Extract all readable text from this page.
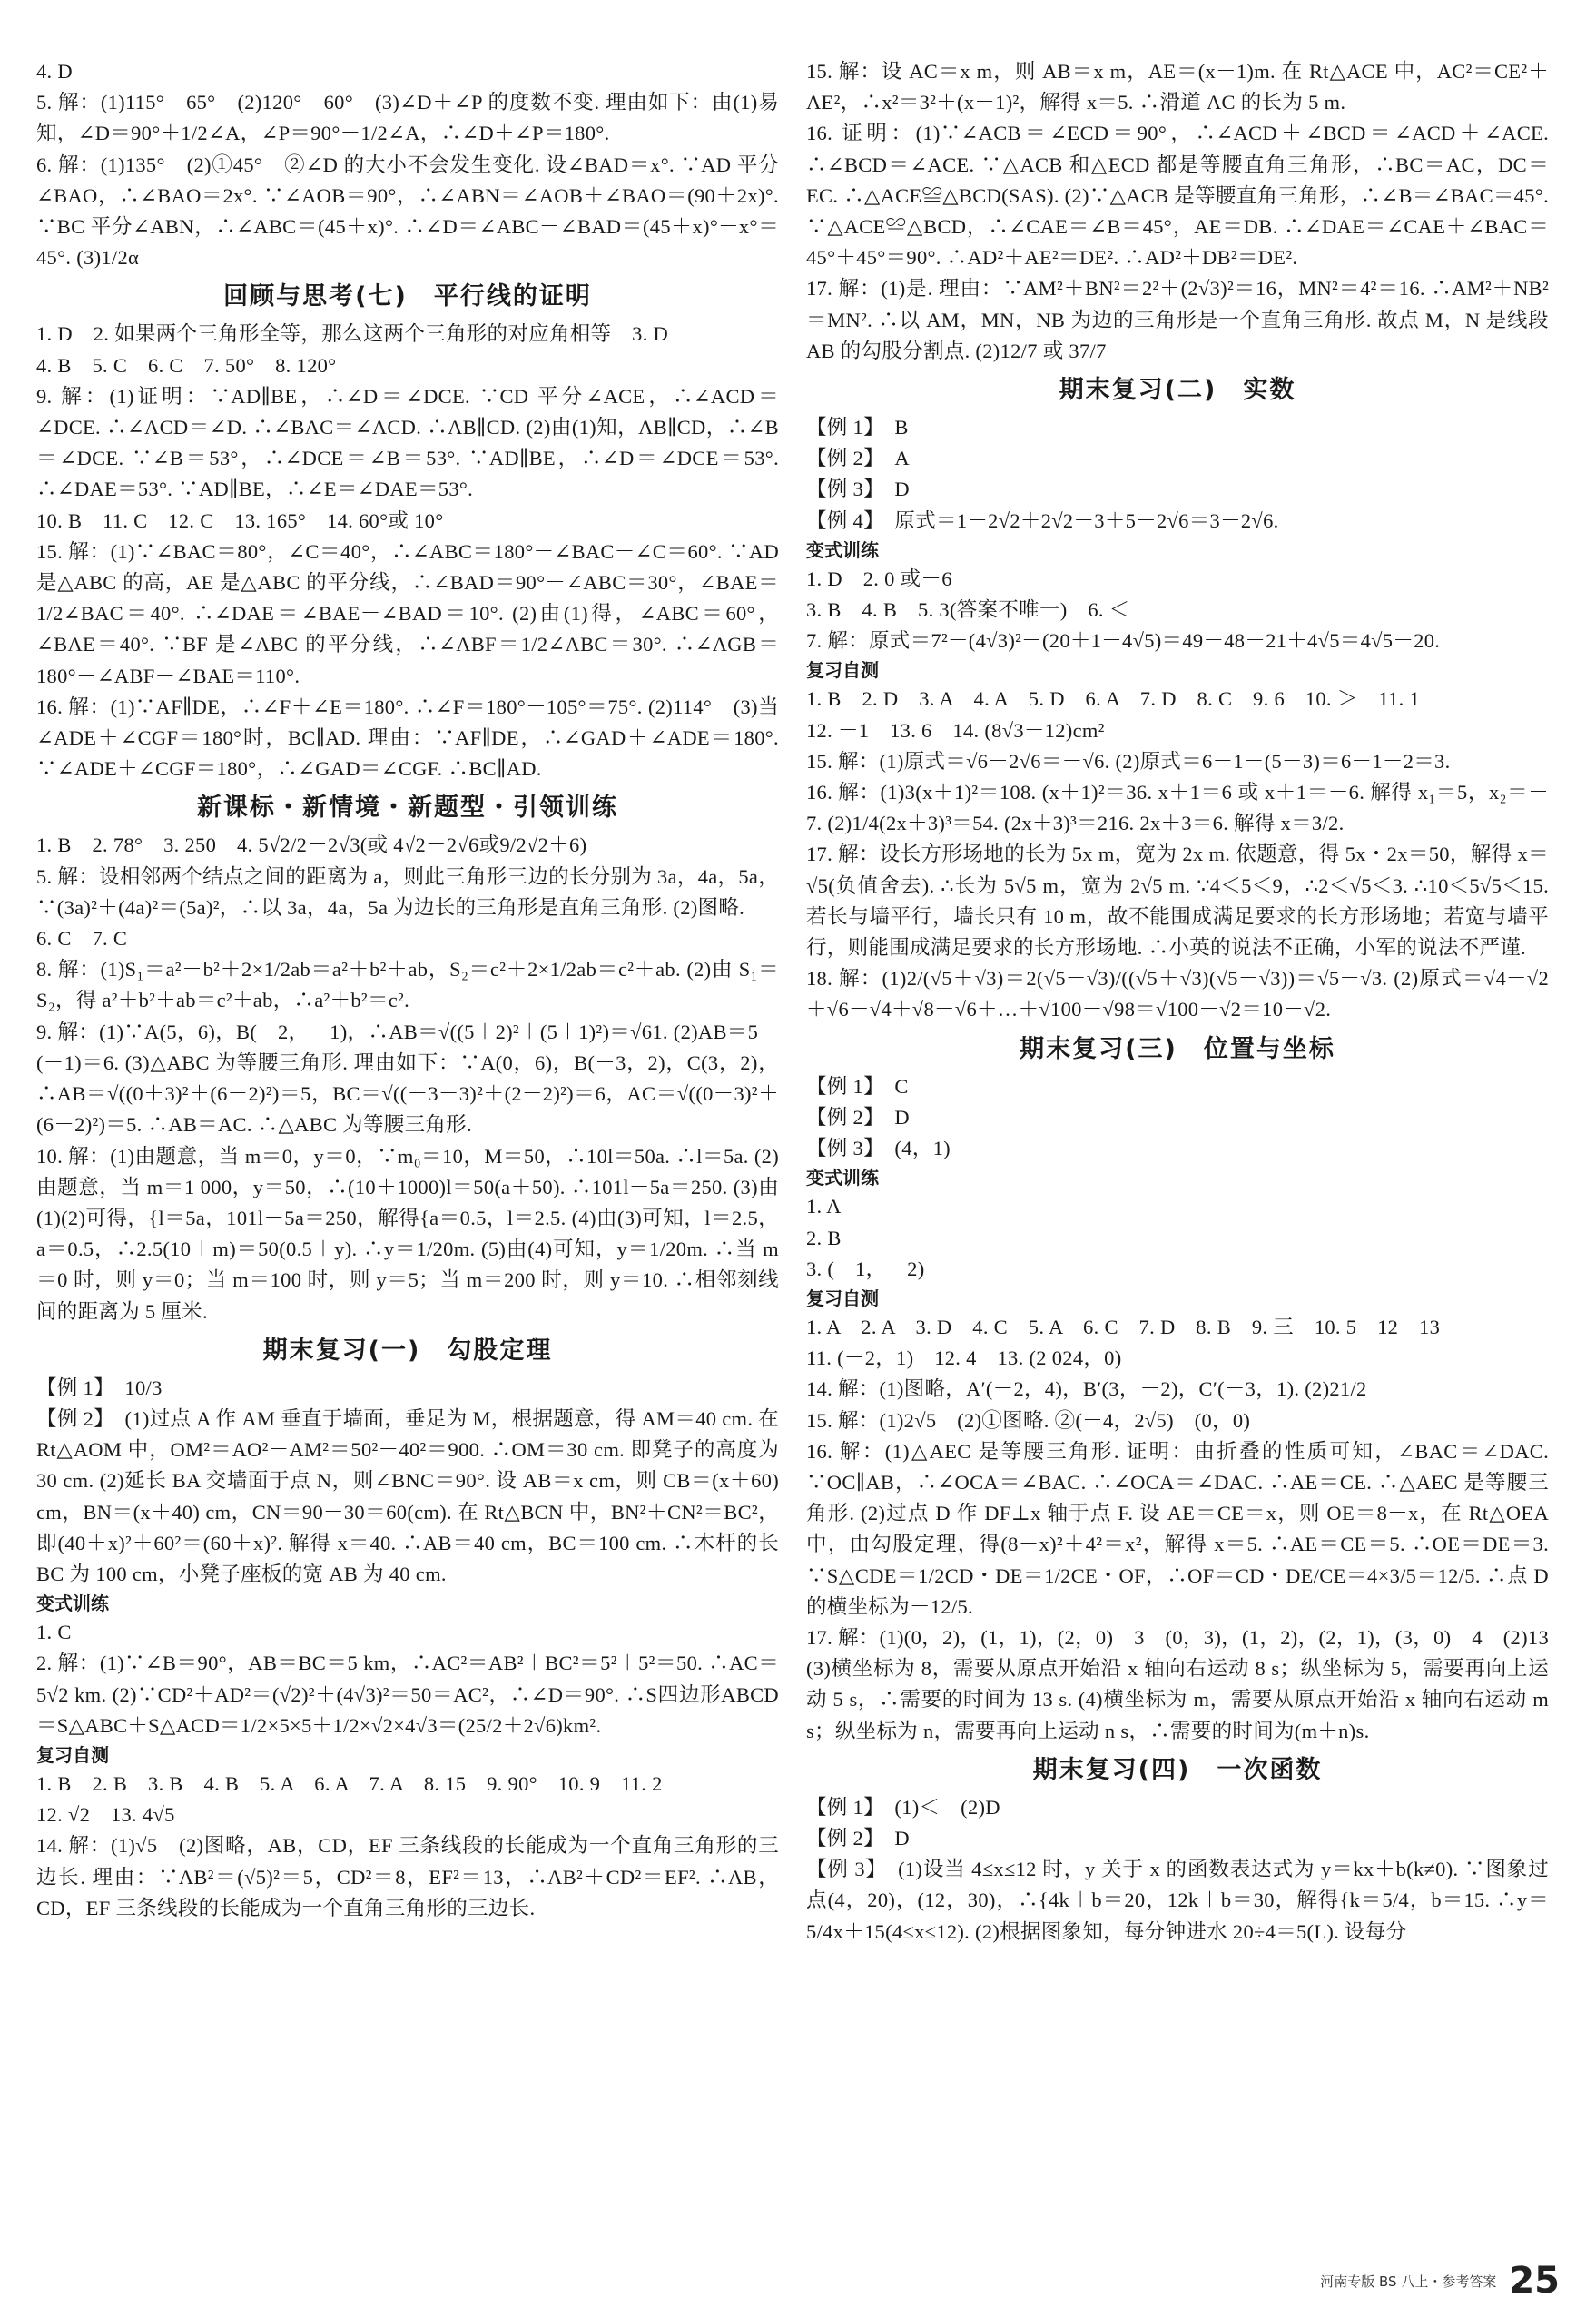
4. D

5. 解：(1)115°　65°　(2)120°　60°　(3)∠D＋∠P 的度数不变. 理由如下：由(1)易知，∠D＝90°＋1/2∠A，∠P＝90°－1/2∠A，∴∠D＋∠P＝180°.

6. 解：(1)135°　(2)①45°　②∠D 的大小不会发生变化. 设∠BAD＝x°. ∵AD 平分∠BAO，∴∠BAO＝2x°. ∵∠AOB＝90°，∴∠ABN＝∠AOB＋∠BAO＝(90＋2x)°. ∵BC 平分∠ABN，∴∠ABC＝(45＋x)°. ∴∠D＝∠ABC－∠BAD＝(45＋x)°－x°＝45°. (3)1/2α

回顾与思考(七)　平行线的证明

1. D　2. 如果两个三角形全等，那么这两个三角形的对应角相等　3. D

4. B　5. C　6. C　7. 50°　8. 120°

9. 解：(1)证明：∵AD∥BE，∴∠D＝∠DCE. ∵CD 平分∠ACE，∴∠ACD＝∠DCE. ∴∠ACD＝∠D. ∴∠BAC＝∠ACD. ∴AB∥CD. (2)由(1)知，AB∥CD，∴∠B＝∠DCE. ∵∠B＝53°，∴∠DCE＝∠B＝53°. ∵AD∥BE，∴∠D＝∠DCE＝53°. ∴∠DAE＝53°. ∵AD∥BE，∴∠E＝∠DAE＝53°.

10. B　11. C　12. C　13. 165°　14. 60°或 10°

15. 解：(1)∵∠BAC＝80°，∠C＝40°，∴∠ABC＝180°－∠BAC－∠C＝60°. ∵AD 是△ABC 的高，AE 是△ABC 的平分线，∴∠BAD＝90°－∠ABC＝30°，∠BAE＝1/2∠BAC＝40°. ∴∠DAE＝∠BAE－∠BAD＝10°. (2)由(1)得，∠ABC＝60°，∠BAE＝40°. ∵BF 是∠ABC 的平分线，∴∠ABF＝1/2∠ABC＝30°. ∴∠AGB＝180°－∠ABF－∠BAE＝110°.

16. 解：(1)∵AF∥DE，∴∠F＋∠E＝180°. ∴∠F＝180°－105°＝75°. (2)114°　(3)当∠ADE＋∠CGF＝180°时，BC∥AD. 理由：∵AF∥DE，∴∠GAD＋∠ADE＝180°. ∵∠ADE＋∠CGF＝180°，∴∠GAD＝∠CGF. ∴BC∥AD.

新课标・新情境・新题型・引领训练

1. B　2. 78°　3. 250　4. 5√2/2－2√3(或 4√2－2√6或9/2√2＋6)

5. 解：设相邻两个结点之间的距离为 a，则此三角形三边的长分别为 3a，4a，5a，∵(3a)²＋(4a)²＝(5a)²，∴以 3a，4a，5a 为边长的三角形是直角三角形. (2)图略.

6. C　7. C

8. 解：(1)S₁＝a²＋b²＋2×1/2ab＝a²＋b²＋ab，S₂＝c²＋2×1/2ab＝c²＋ab. (2)由 S₁＝S₂，得 a²＋b²＋ab＝c²＋ab，∴a²＋b²＝c².

9. 解：(1)∵A(5，6)，B(－2，－1)，∴AB＝√((5＋2)²＋(5＋1)²)＝√61. (2)AB＝5－(－1)＝6. (3)△ABC 为等腰三角形. 理由如下：∵A(0，6)，B(－3，2)，C(3，2)，∴AB＝√((0＋3)²＋(6－2)²)＝5，BC＝√((－3－3)²＋(2－2)²)＝6，AC＝√((0－3)²＋(6－2)²)＝5. ∴AB＝AC. ∴△ABC 为等腰三角形.

10. 解：(1)由题意，当 m＝0，y＝0，∵m₀＝10，M＝50，∴10l＝50a. ∴l＝5a. (2)由题意，当 m＝1 000，y＝50，∴(10＋1000)l＝50(a＋50). ∴101l－5a＝250. (3)由(1)(2)可得，{l＝5a，101l－5a＝250，解得{a＝0.5，l＝2.5. (4)由(3)可知，l＝2.5，a＝0.5，∴2.5(10＋m)＝50(0.5＋y). ∴y＝1/20m. (5)由(4)可知，y＝1/20m. ∴当 m＝0 时，则 y＝0；当 m＝100 时，则 y＝5；当 m＝200 时，则 y＝10. ∴相邻刻线间的距离为 5 厘米.

期末复习(一)　勾股定理

【例 1】　10/3

【例 2】　(1)过点 A 作 AM 垂直于墙面，垂足为 M，根据题意，得 AM＝40 cm. 在 Rt△AOM 中，OM²＝AO²－AM²＝50²－40²＝900. ∴OM＝30 cm. 即凳子的高度为 30 cm. (2)延长 BA 交墙面于点 N，则∠BNC＝90°. 设 AB＝x cm，则 CB＝(x＋60) cm，BN＝(x＋40) cm，CN＝90－30＝60(cm). 在 Rt△BCN 中，BN²＋CN²＝BC²，即(40＋x)²＋60²＝(60＋x)². 解得 x＝40. ∴AB＝40 cm，BC＝100 cm. ∴木杆的长 BC 为 100 cm，小凳子座板的宽 AB 为 40 cm.

变式训练

1. C

2. 解：(1)∵∠B＝90°，AB＝BC＝5 km，∴AC²＝AB²＋BC²＝5²＋5²＝50. ∴AC＝5√2 km. (2)∵CD²＋AD²＝(√2)²＋(4√3)²＝50＝AC²，∴∠D＝90°. ∴S四边形ABCD＝S△ABC＋S△ACD＝1/2×5×5＋1/2×√2×4√3＝(25/2＋2√6)km².

复习自测

1. B　2. B　3. B　4. B　5. A　6. A　7. A　8. 15　9. 90°　10. 9　11. 2

12. √2　13. 4√5

14. 解：(1)√5　(2)图略，AB，CD，EF 三条线段的长能成为一个直角三角形的三边长. 理由：∵AB²＝(√5)²＝5，CD²＝8，EF²＝13，∴AB²＋CD²＝EF². ∴AB，CD，EF 三条线段的长能成为一个直角三角形的三边长.

15. 解：设 AC＝x m，则 AB＝x m，AE＝(x－1)m. 在 Rt△ACE 中，AC²＝CE²＋AE²，∴x²＝3²＋(x－1)²，解得 x＝5. ∴滑道 AC 的长为 5 m.

16. 证明：(1)∵∠ACB＝∠ECD＝90°，∴∠ACD＋∠BCD＝∠ACD＋∠ACE. ∴∠BCD＝∠ACE. ∵△ACB 和△ECD 都是等腰直角三角形，∴BC＝AC，DC＝EC. ∴△ACE≌△BCD(SAS). (2)∵△ACB 是等腰直角三角形，∴∠B＝∠BAC＝45°. ∵△ACE≌△BCD，∴∠CAE＝∠B＝45°，AE＝DB. ∴∠DAE＝∠CAE＋∠BAC＝45°＋45°＝90°. ∴AD²＋AE²＝DE². ∴AD²＋DB²＝DE².

17. 解：(1)是. 理由：∵AM²＋BN²＝2²＋(2√3)²＝16，MN²＝4²＝16. ∴AM²＋NB²＝MN². ∴以 AM，MN，NB 为边的三角形是一个直角三角形. 故点 M，N 是线段 AB 的勾股分割点. (2)12/7 或 37/7

期末复习(二)　实数

【例 1】　B

【例 2】　A

【例 3】　D

【例 4】　原式＝1－2√2＋2√2－3＋5－2√6＝3－2√6.

变式训练

1. D　2. 0 或－6

3. B　4. B　5. 3(答案不唯一)　6. ＜

7. 解：原式＝7²－(4√3)²－(20＋1－4√5)＝49－48－21＋4√5＝4√5－20.

复习自测

1. B　2. D　3. A　4. A　5. D　6. A　7. D　8. C　9. 6　10. ＞　11. 1

12. －1　13. 6　14. (8√3－12)cm²

15. 解：(1)原式＝√6－2√6＝－√6. (2)原式＝6－1－(5－3)＝6－1－2＝3.

16. 解：(1)3(x＋1)²＝108. (x＋1)²＝36. x＋1＝6 或 x＋1＝－6. 解得 x₁＝5，x₂＝－7. (2)1/4(2x＋3)³＝54. (2x＋3)³＝216. 2x＋3＝6. 解得 x＝3/2.

17. 解：设长方形场地的长为 5x m，宽为 2x m. 依题意，得 5x・2x＝50，解得 x＝√5(负值舍去). ∴长为 5√5 m，宽为 2√5 m. ∵4＜5＜9，∴2＜√5＜3. ∴10＜5√5＜15. 若长与墙平行，墙长只有 10 m，故不能围成满足要求的长方形场地；若宽与墙平行，则能围成满足要求的长方形场地. ∴小英的说法不正确，小军的说法不严谨.

18. 解：(1)2/(√5＋√3)＝2(√5－√3)/((√5＋√3)(√5－√3))＝√5－√3. (2)原式＝√4－√2＋√6－√4＋√8－√6＋…＋√100－√98＝√100－√2＝10－√2.

期末复习(三)　位置与坐标

【例 1】　C

【例 2】　D

【例 3】　(4，1)

变式训练

1. A

2. B

3. (－1，－2)

复习自测

1. A　2. A　3. D　4. C　5. A　6. C　7. D　8. B　9. 三　10. 5　12　13

11. (－2，1)　12. 4　13. (2 024，0)

14. 解：(1)图略，A′(－2，4)，B′(3，－2)，C′(－3，1). (2)21/2

15. 解：(1)2√5　(2)①图略. ②(－4，2√5)　(0，0)

16. 解：(1)△AEC 是等腰三角形. 证明：由折叠的性质可知，∠BAC＝∠DAC. ∵OC∥AB，∴∠OCA＝∠BAC. ∴∠OCA＝∠DAC. ∴AE＝CE. ∴△AEC 是等腰三角形. (2)过点 D 作 DF⊥x 轴于点 F. 设 AE＝CE＝x，则 OE＝8－x，在 Rt△OEA 中，由勾股定理，得(8－x)²＋4²＝x²，解得 x＝5. ∴AE＝CE＝5. ∴OE＝DE＝3. ∵S△CDE＝1/2CD・DE＝1/2CE・OF，∴OF＝CD・DE/CE＝4×3/5＝12/5. ∴点 D 的横坐标为－12/5.

17. 解：(1)(0，2)，(1，1)，(2，0)　3　(0，3)，(1，2)，(2，1)，(3，0)　4　(2)13　(3)横坐标为 8，需要从原点开始沿 x 轴向右运动 8 s；纵坐标为 5，需要再向上运动 5 s，∴需要的时间为 13 s. (4)横坐标为 m，需要从原点开始沿 x 轴向右运动 m s；纵坐标为 n，需要再向上运动 n s，∴需要的时间为(m＋n)s.

期末复习(四)　一次函数

【例 1】　(1)＜　(2)D

【例 2】　D

【例 3】　(1)设当 4≤x≤12 时，y 关于 x 的函数表达式为 y＝kx＋b(k≠0). ∵图象过点(4，20)，(12，30)，∴{4k＋b＝20，12k＋b＝30，解得{k＝5/4，b＝15. ∴y＝5/4x＋15(4≤x≤12). (2)根据图象知，每分钟进水 20÷4＝5(L). 设每分

河南专版 BS 八上・参考答案 25
